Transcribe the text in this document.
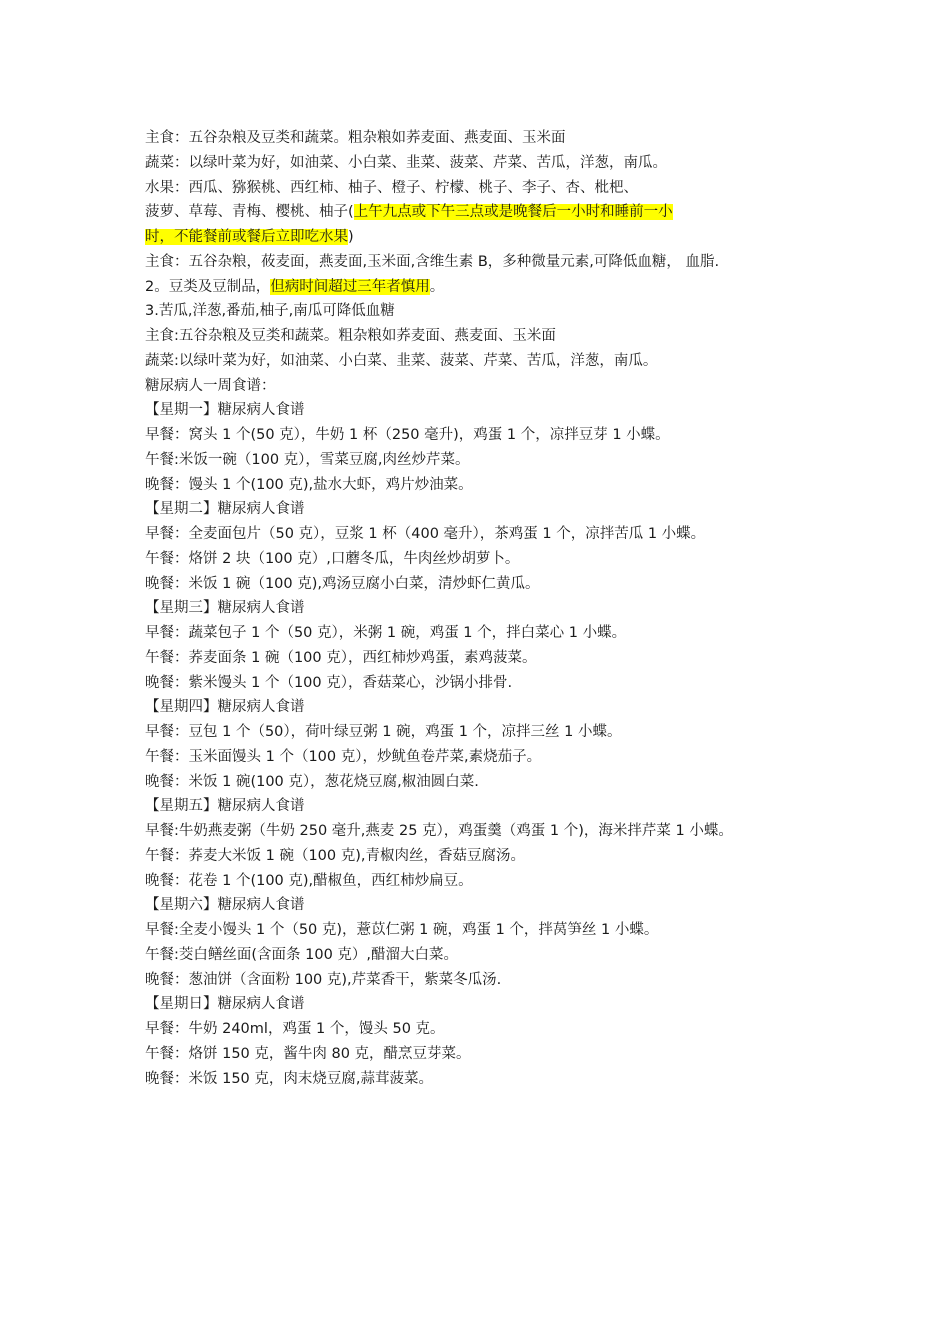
主食：五谷杂粮及豆类和蔬菜。粗杂粮如荞麦面、燕麦面、玉米面
蔬菜：以绿叶菜为好，如油菜、小白菜、韭菜、菠菜、芹菜、苦瓜，洋葱，南瓜。
水果：西瓜、猕猴桃、西红柿、柚子、橙子、柠檬、桃子、李子、杏、枇杷、
菠萝、草莓、青梅、樱桃、柚子(上午九点或下午三点或是晚餐后一小时和睡前一小
时，不能餐前或餐后立即吃水果)
主食：五谷杂粮，莜麦面，燕麦面,玉米面,含维生素 B，多种微量元素,可降低血糖， 血脂.
2。豆类及豆制品，但病时间超过三年者慎用。
3.苦瓜,洋葱,番茄,柚子,南瓜可降低血糖
主食:五谷杂粮及豆类和蔬菜。粗杂粮如荞麦面、燕麦面、玉米面
蔬菜:以绿叶菜为好，如油菜、小白菜、韭菜、菠菜、芹菜、苦瓜，洋葱，南瓜。
糖尿病人一周食谱：
【星期一】糖尿病人食谱
早餐：窝头 1 个(50 克），牛奶 1 杯（250 毫升)，鸡蛋 1 个，凉拌豆芽 1 小蝶。
午餐:米饭一碗（100 克），雪菜豆腐,肉丝炒芹菜。
晚餐：馒头 1 个(100 克),盐水大虾，鸡片炒油菜。
【星期二】糖尿病人食谱
早餐：全麦面包片（50 克），豆浆 1 杯（400 毫升），茶鸡蛋 1 个，凉拌苦瓜 1 小蝶。
午餐：烙饼 2 块（100 克）,口蘑冬瓜，牛肉丝炒胡萝卜。
晚餐：米饭 1 碗（100 克),鸡汤豆腐小白菜，清炒虾仁黄瓜。
【星期三】糖尿病人食谱
早餐：蔬菜包子 1 个（50 克），米粥 1 碗，鸡蛋 1 个，拌白菜心 1 小蝶。
午餐：荞麦面条 1 碗（100 克），西红柿炒鸡蛋，素鸡菠菜。
晚餐：紫米馒头 1 个（100 克），香菇菜心，沙锅小排骨.
【星期四】糖尿病人食谱
早餐：豆包 1 个（50），荷叶绿豆粥 1 碗，鸡蛋 1 个，凉拌三丝 1 小蝶。
午餐：玉米面馒头 1 个（100 克），炒鱿鱼卷芹菜,素烧茄子。
晚餐：米饭 1 碗(100 克），葱花烧豆腐,椒油圆白菜.
【星期五】糖尿病人食谱
早餐:牛奶燕麦粥（牛奶 250 毫升,燕麦 25 克），鸡蛋羹（鸡蛋 1 个)，海米拌芹菜 1 小蝶。
午餐：荞麦大米饭 1 碗（100 克),青椒肉丝，香菇豆腐汤。
晚餐：花卷 1 个(100 克),醋椒鱼，西红柿炒扁豆。
【星期六】糖尿病人食谱
早餐:全麦小馒头 1 个（50 克)，薏苡仁粥 1 碗，鸡蛋 1 个，拌莴笋丝 1 小蝶。
午餐:茭白鳝丝面(含面条 100 克）,醋溜大白菜。
晚餐：葱油饼（含面粉 100 克),芹菜香干，紫菜冬瓜汤.
【星期日】糖尿病人食谱
早餐：牛奶 240ml，鸡蛋 1 个，馒头 50 克。
午餐：烙饼 150 克，酱牛肉 80 克，醋烹豆芽菜。
晚餐：米饭 150 克，肉末烧豆腐,蒜茸菠菜。
